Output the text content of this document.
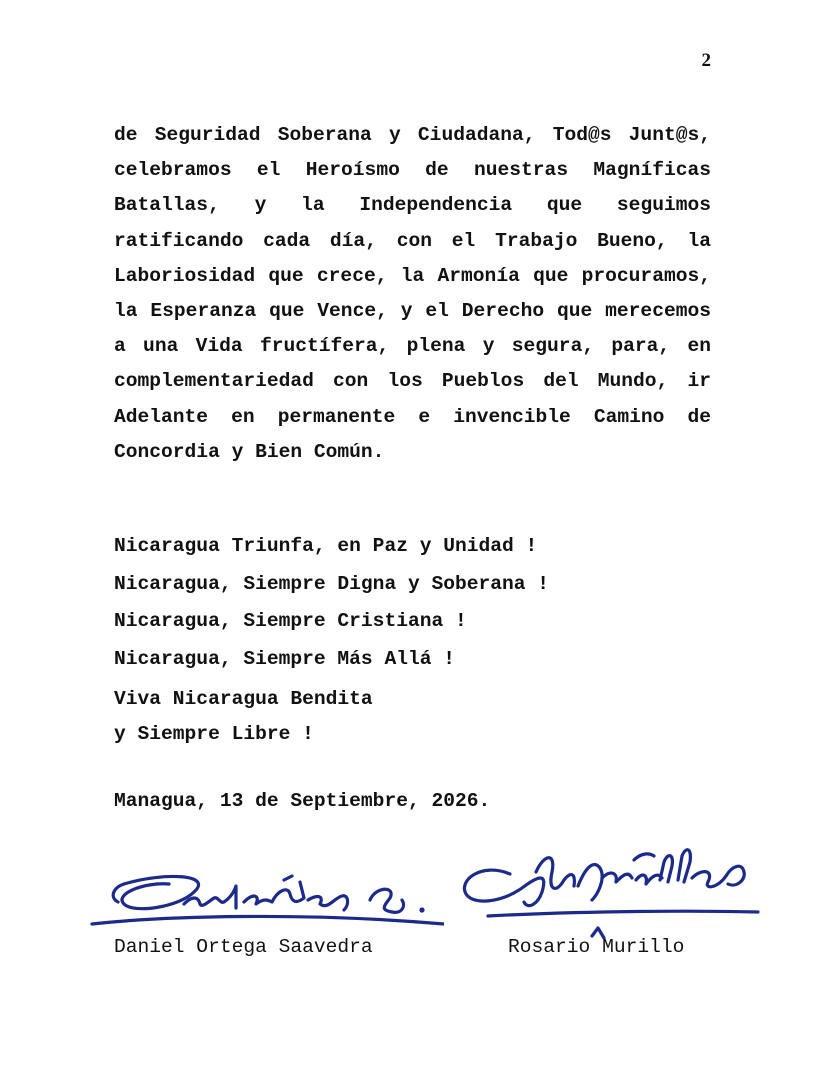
2

de Seguridad Soberana y Ciudadana, Tod@s Junt@s, celebramos el Heroísmo de nuestras Magníficas Batallas, y la Independencia que seguimos ratificando cada día, con el Trabajo Bueno, la Laboriosidad que crece, la Armonía que procuramos, la Esperanza que Vence, y el Derecho que merecemos a una Vida fructífera, plena y segura, para, en complementariedad con los Pueblos del Mundo, ir Adelante en permanente e invencible Camino de Concordia y Bien Común.

Nicaragua Triunfa, en Paz y Unidad !
Nicaragua, Siempre Digna y Soberana !
Nicaragua, Siempre Cristiana !
Nicaragua, Siempre Más Allá !
Viva Nicaragua Bendita
y Siempre Libre !
Managua, 13 de Septiembre, 2026.
Daniel Ortega Saavedra	Rosario Murillo
